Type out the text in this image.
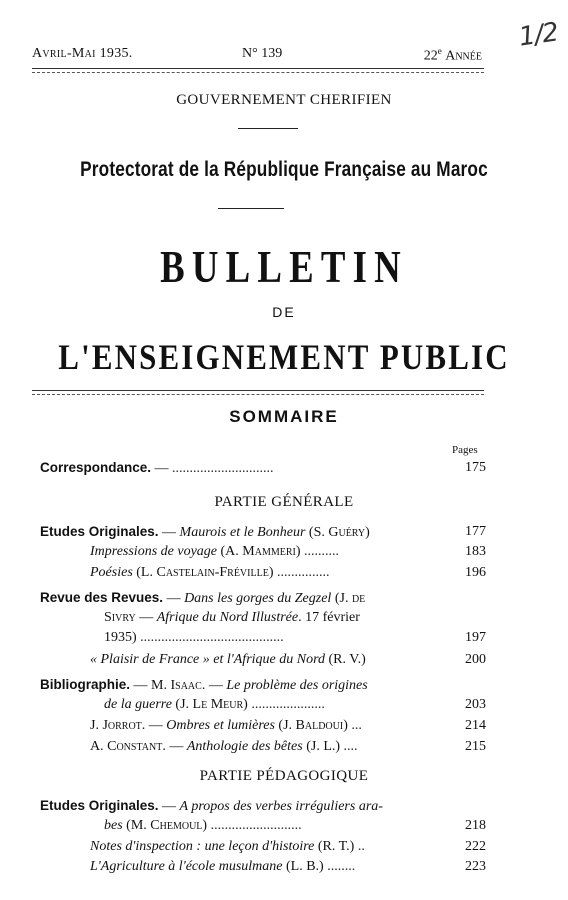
Avril-Mai 1935.	N° 139	22e Année
1/2
GOUVERNEMENT CHERIFIEN
Protectorat de la République Française au Maroc
BULLETIN
DE
L'ENSEIGNEMENT PUBLIC
SOMMAIRE
Pages
Correspondance. — .............................	175
PARTIE GÉNÉRALE
Etudes Originales. — Maurois et le Bonheur (S. Guéry)	177
Impressions de voyage (A. Mammeri) ..........	183
Poésies (L. Castelain-Fréville) ...............	196
Revue des Revues. — Dans les gorges du Zegzel (J. de
Sivry — Afrique du Nord Illustrée. 17 février
1935) .........................................	197
« Plaisir de France » et l'Afrique du Nord (R. V.)	200
Bibliographie. — M. Isaac. — Le problème des origines
de la guerre (J. Le Meur) .....................	203
J. Jorrot. — Ombres et lumières (J. Baldoui) ...	214
A. Constant. — Anthologie des bêtes (J. L.) ....	215
PARTIE PÉDAGOGIQUE
Etudes Originales. — A propos des verbes irréguliers ara-
bes (M. Chemoul) ..........................	218
Notes d'inspection : une leçon d'histoire (R. T.) ..	222
L'Agriculture à l'école musulmane (L. B.) ........	223
